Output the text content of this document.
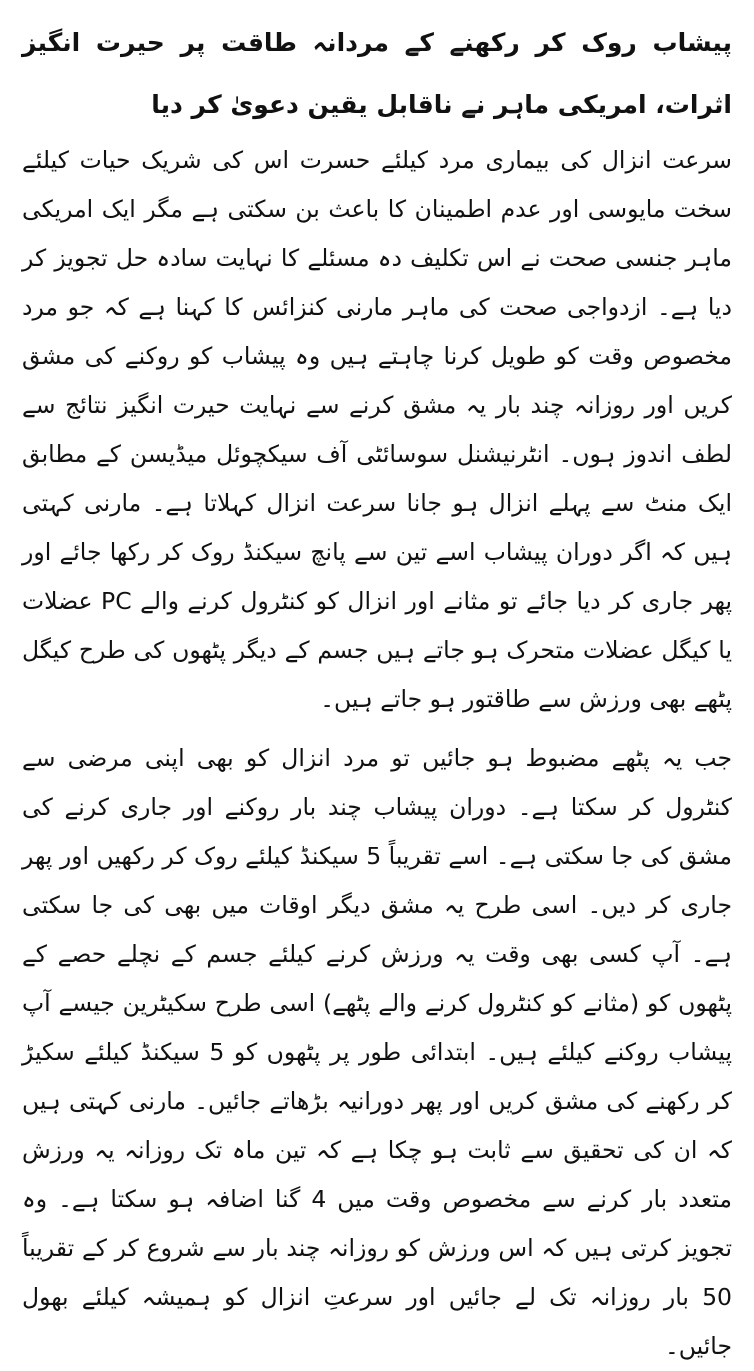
پیشاب روک کر رکھنے کے مردانہ طاقت پر حیرت انگیز اثرات، امریکی ماہر نے ناقابل یقین دعویٰ کر دیا

سرعت انزال کی بیماری مرد کیلئے حسرت اس کی شریک حیات کیلئے سخت مایوسی اور عدم اطمینان کا باعث بن سکتی ہے مگر ایک امریکی ماہر جنسی صحت نے اس تکلیف دہ مسئلے کا نہایت سادہ حل تجویز کر دیا ہے۔ ازدواجی صحت کی ماہر مارنی کنزائس کا کہنا ہے کہ جو مرد مخصوص وقت کو طویل کرنا چاہتے ہیں وہ پیشاب کو روکنے کی مشق کریں اور روزانہ چند بار یہ مشق کرنے سے نہایت حیرت انگیز نتائج سے لطف اندوز ہوں۔ انٹرنیشنل سوسائٹی آف سیکچوئل میڈیسن کے مطابق ایک منٹ سے پہلے انزال ہو جانا سرعت انزال کہلاتا ہے۔ مارنی کہتی ہیں کہ اگر دوران پیشاب اسے تین سے پانچ سیکنڈ روک کر رکھا جائے اور پھر جاری کر دیا جائے تو مثانے اور انزال کو کنٹرول کرنے والے PC عضلات یا کیگل عضلات متحرک ہو جاتے ہیں جسم کے دیگر پٹھوں کی طرح کیگل پٹھے بھی ورزش سے طاقتور ہو جاتے ہیں۔

جب یہ پٹھے مضبوط ہو جائیں تو مرد انزال کو بھی اپنی مرضی سے کنٹرول کر سکتا ہے۔ دوران پیشاب چند بار روکنے اور جاری کرنے کی مشق کی جا سکتی ہے۔ اسے تقریباً 5 سیکنڈ کیلئے روک کر رکھیں اور پھر جاری کر دیں۔ اسی طرح یہ مشق دیگر اوقات میں بھی کی جا سکتی ہے۔ آپ کسی بھی وقت یہ ورزش کرنے کیلئے جسم کے نچلے حصے کے پٹھوں کو (مثانے کو کنٹرول کرنے والے پٹھے) اسی طرح سکیٹرین جیسے آپ پیشاب روکنے کیلئے ہیں۔ ابتدائی طور پر پٹھوں کو 5 سیکنڈ کیلئے سکیڑ کر رکھنے کی مشق کریں اور پھر دورانیہ بڑھاتے جائیں۔ مارنی کہتی ہیں کہ ان کی تحقیق سے ثابت ہو چکا ہے کہ تین ماہ تک روزانہ یہ ورزش متعدد بار کرنے سے مخصوص وقت میں 4 گنا اضافہ ہو سکتا ہے۔ وہ تجویز کرتی ہیں کہ اس ورزش کو روزانہ چند بار سے شروع کر کے تقریباً 50 بار روزانہ تک لے جائیں اور سرعتِ انزال کو ہمیشہ کیلئے بھول جائیں۔
